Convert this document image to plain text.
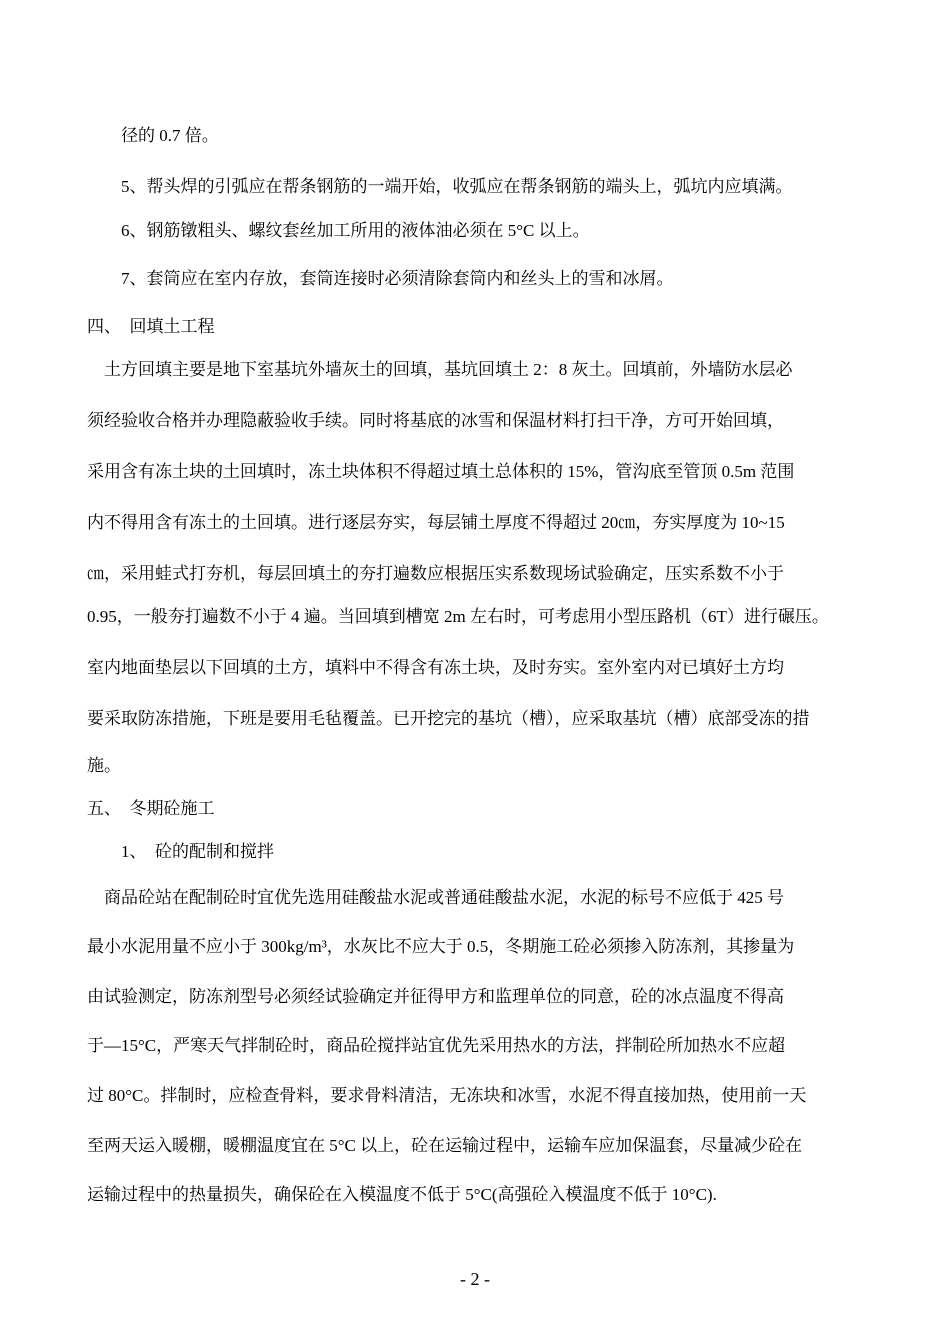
径的 0.7 倍。
5、帮头焊的引弧应在帮条钢筋的一端开始，收弧应在帮条钢筋的端头上，弧坑内应填满。
6、钢筋镦粗头、螺纹套丝加工所用的液体油必须在 5°C 以上。
7、套筒应在室内存放，套筒连接时必须清除套筒内和丝头上的雪和冰屑。
四、　回填土工程
土方回填主要是地下室基坑外墙灰土的回填，基坑回填土 2：8 灰土。回填前，外墙防水层必
须经验收合格并办理隐蔽验收手续。同时将基底的冰雪和保温材料打扫干净，方可开始回填，
采用含有冻土块的土回填时，冻土块体积不得超过填土总体积的 15%，管沟底至管顶 0.5m 范围
内不得用含有冻土的土回填。进行逐层夯实，每层铺土厚度不得超过 20㎝，夯实厚度为 10~15
㎝，采用蛙式打夯机，每层回填土的夯打遍数应根据压实系数现场试验确定，压实系数不小于
0.95，一般夯打遍数不小于 4 遍。当回填到槽宽 2m 左右时，可考虑用小型压路机（6T）进行碾压。
室内地面垫层以下回填的土方，填料中不得含有冻土块，及时夯实。室外室内对已填好土方均
要采取防冻措施，下班是要用毛毡覆盖。已开挖完的基坑（槽），应采取基坑（槽）底部受冻的措
施。
五、　冬期砼施工
1、　砼的配制和搅拌
商品砼站在配制砼时宜优先选用硅酸盐水泥或普通硅酸盐水泥，水泥的标号不应低于 425 号
最小水泥用量不应小于 300kg/m³，水灰比不应大于 0.5，冬期施工砼必须掺入防冻剂，其掺量为
由试验测定，防冻剂型号必须经试验确定并征得甲方和监理单位的同意，砼的冰点温度不得高
于—15°C，严寒天气拌制砼时，商品砼搅拌站宜优先采用热水的方法，拌制砼所加热水不应超
过 80°C。拌制时，应检查骨料，要求骨料清洁，无冻块和冰雪，水泥不得直接加热，使用前一天
至两天运入暖棚，暖棚温度宜在 5°C 以上，砼在运输过程中，运输车应加保温套，尽量减少砼在
运输过程中的热量损失，确保砼在入模温度不低于 5°C(高强砼入模温度不低于 10°C).
- 2 -
